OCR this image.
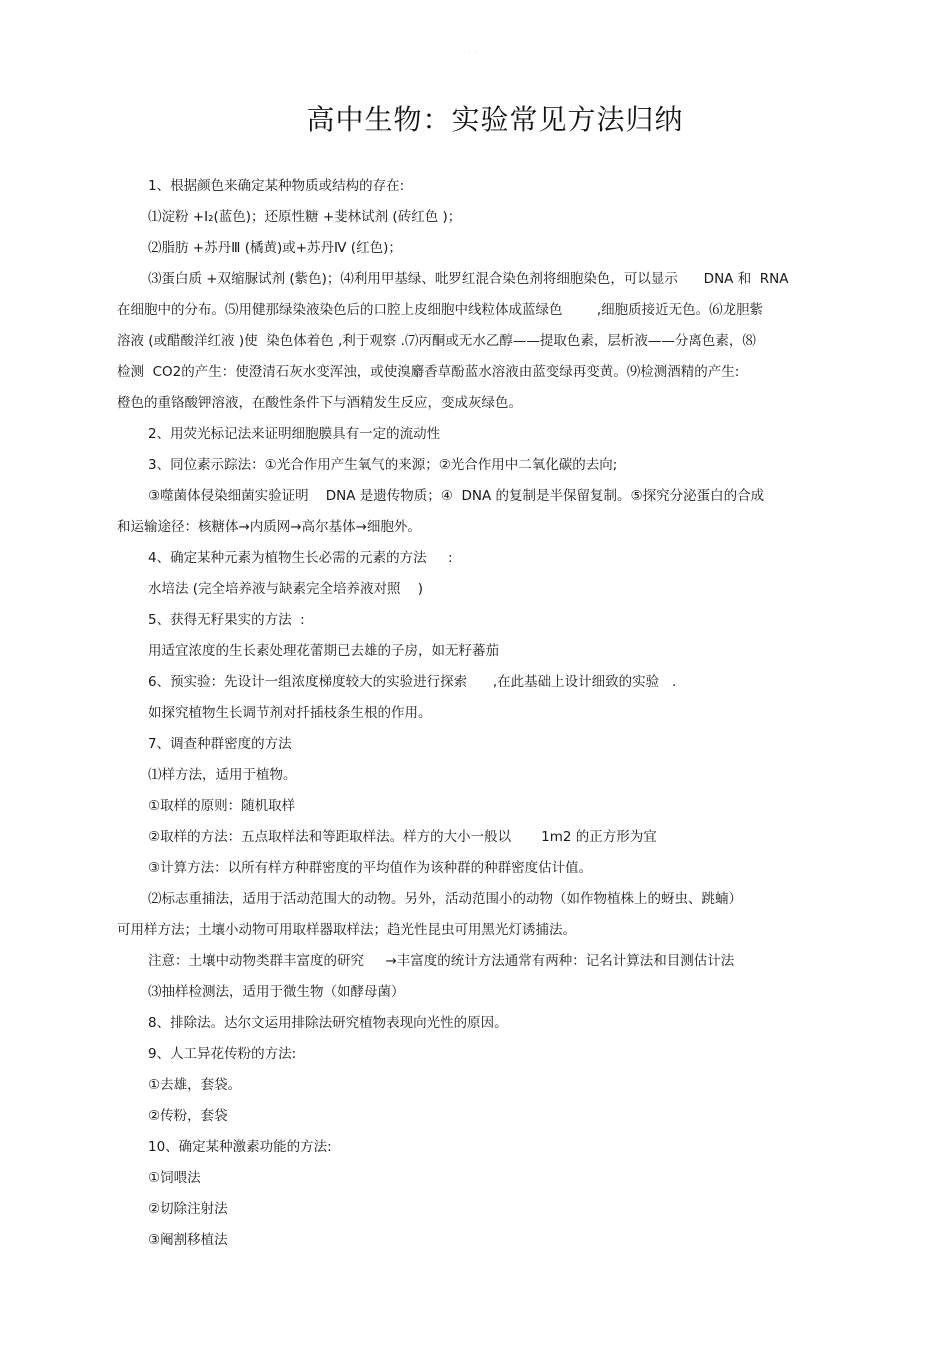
· · ·
高中生物：实验常见方法归纳
1、根据颜色来确定某种物质或结构的存在:
⑴淀粉 +I₂(蓝色)；还原性糖 +斐林试剂 (砖红色 )；
⑵脂肪 +苏丹Ⅲ (橘黄)或+苏丹Ⅳ (红色)；
⑶蛋白质 +双缩脲试剂 (紫色)；⑷利用甲基绿、吡罗红混合染色剂将细胞染色，可以显示      DNA 和  RNA
在细胞中的分布。⑸用健那绿染液染色后的口腔上皮细胞中线粒体成蓝绿色        ,细胞质接近无色。⑹龙胆紫
溶液 (或醋酸洋红液 )使  染色体着色 ,利于观察 .⑺丙酮或无水乙醇——提取色素，层析液——分离色素，⑻
检测  CO2的产生：使澄清石灰水变浑浊，或使溴麝香草酚蓝水溶液由蓝变绿再变黄。⑼检测酒精的产生:
橙色的重铬酸钾溶液，在酸性条件下与酒精发生反应，变成灰绿色。
2、用荧光标记法来证明细胞膜具有一定的流动性
3、同位素示踪法：①光合作用产生氧气的来源；②光合作用中二氧化碳的去向;
③噬菌体侵染细菌实验证明    DNA 是遗传物质；④  DNA 的复制是半保留复制。⑤探究分泌蛋白的合成
和运输途径：核糖体→内质网→高尔基体→细胞外。
4、确定某种元素为植物生长必需的元素的方法     :
水培法 (完全培养液与缺素完全培养液对照    )
5、获得无籽果实的方法  :
用适宜浓度的生长素处理花蕾期已去雄的子房，如无籽蕃茄
6、预实验：先设计一组浓度梯度较大的实验进行探索      ,在此基础上设计细致的实验   .
如探究植物生长调节剂对扦插枝条生根的作用。
7、调查种群密度的方法
⑴样方法，适用于植物。
①取样的原则：随机取样
②取样的方法：五点取样法和等距取样法。样方的大小一般以       1m2 的正方形为宜
③计算方法：以所有样方种群密度的平均值作为该种群的种群密度估计值。
⑵标志重捕法，适用于活动范围大的动物。另外，活动范围小的动物（如作物植株上的蚜虫、跳蝻）
可用样方法；土壤小动物可用取样器取样法；趋光性昆虫可用黑光灯诱捕法。
注意：土壤中动物类群丰富度的研究     →丰富度的统计方法通常有两种：记名计算法和目测估计法
⑶抽样检测法，适用于微生物（如酵母菌）
8、排除法。达尔文运用排除法研究植物表现向光性的原因。
9、人工异花传粉的方法:
①去雄，套袋。
②传粉，套袋
10、确定某种激素功能的方法:
①饲喂法
②切除注射法
③阉割移植法
